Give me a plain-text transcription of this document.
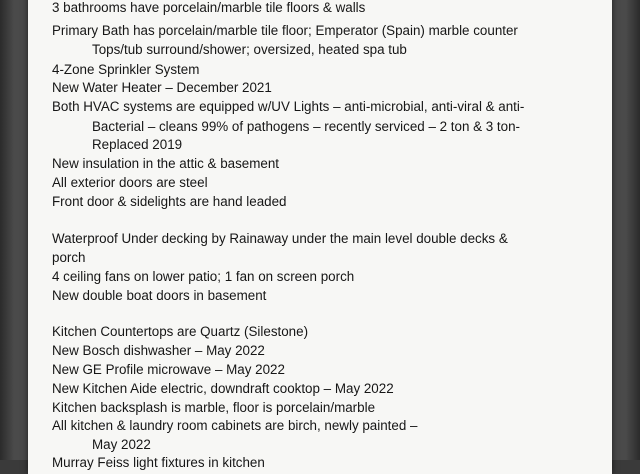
3 bathrooms have porcelain/marble tile floors & walls
Primary Bath has porcelain/marble tile floor; Emperator (Spain) marble counter
Tops/tub surround/shower; oversized, heated spa tub
4-Zone Sprinkler System
New Water Heater – December 2021
Both HVAC systems are equipped w/UV Lights – anti-microbial, anti-viral & anti-
Bacterial – cleans 99% of pathogens – recently serviced – 2 ton & 3 ton-
Replaced 2019
New insulation in the attic & basement
All exterior doors are steel
Front door & sidelights are hand leaded
Waterproof Under decking by Rainaway under the main level double decks &
porch
4 ceiling fans on lower patio; 1 fan on screen porch
New double boat doors in basement
Kitchen Countertops are Quartz (Silestone)
New Bosch dishwasher – May 2022
New GE Profile microwave – May 2022
New Kitchen Aide electric, downdraft cooktop – May 2022
Kitchen backsplash is marble, floor is porcelain/marble
All kitchen & laundry room cabinets are birch, newly painted –
May 2022
Murray Feiss light fixtures in kitchen
